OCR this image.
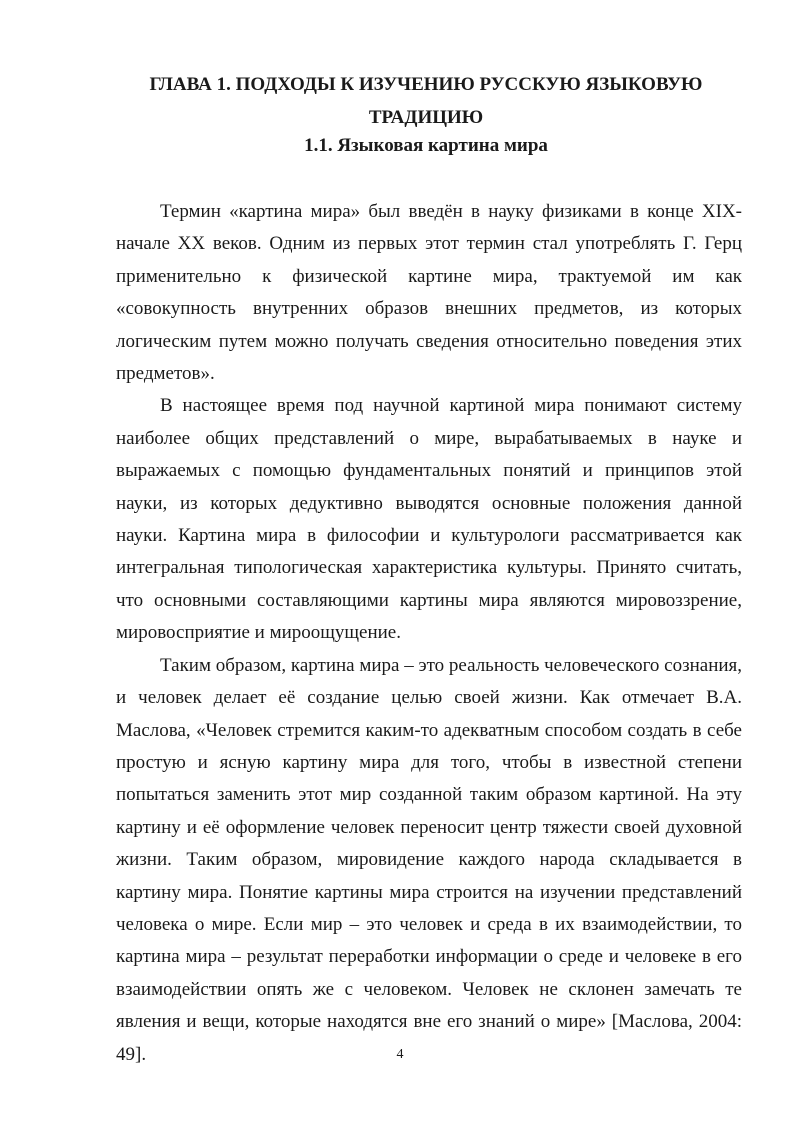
ГЛАВА 1. ПОДХОДЫ К ИЗУЧЕНИЮ РУССКУЮ ЯЗЫКОВУЮ ТРАДИЦИЮ
1.1. Языковая картина мира

Термин «картина мира» был введён в науку физиками в конце XIX- начале XX веков. Одним из первых этот термин стал употреблять Г. Герц применительно к физической картине мира, трактуемой им как «совокупность внутренних образов внешних предметов, из которых логическим путем можно получать сведения относительно поведения этих предметов».

В настоящее время под научной картиной мира понимают систему наиболее общих представлений о мире, вырабатываемых в науке и выражаемых с помощью фундаментальных понятий и принципов этой науки, из которых дедуктивно выводятся основные положения данной науки. Картина мира в философии и культурологи рассматривается как интегральная типологическая характеристика культуры. Принято считать, что основными составляющими картины мира являются мировоззрение, мировосприятие и мироощущение.

Таким образом, картина мира – это реальность человеческого сознания, и человек делает её создание целью своей жизни. Как отмечает В.А. Маслова, «Человек стремится каким-то адекватным способом создать в себе простую и ясную картину мира для того, чтобы в известной степени попытаться заменить этот мир созданной таким образом картиной. На эту картину и её оформление человек переносит центр тяжести своей духовной жизни. Таким образом, мировидение каждого народа складывается в картину мира. Понятие картины мира строится на изучении представлений человека о мире. Если мир – это человек и среда в их взаимодействии, то картина мира – результат переработки информации о среде и человеке в его взаимодействии опять же с человеком. Человек не склонен замечать те явления и вещи, которые находятся вне его знаний о мире» [Маслова, 2004: 49].	4
